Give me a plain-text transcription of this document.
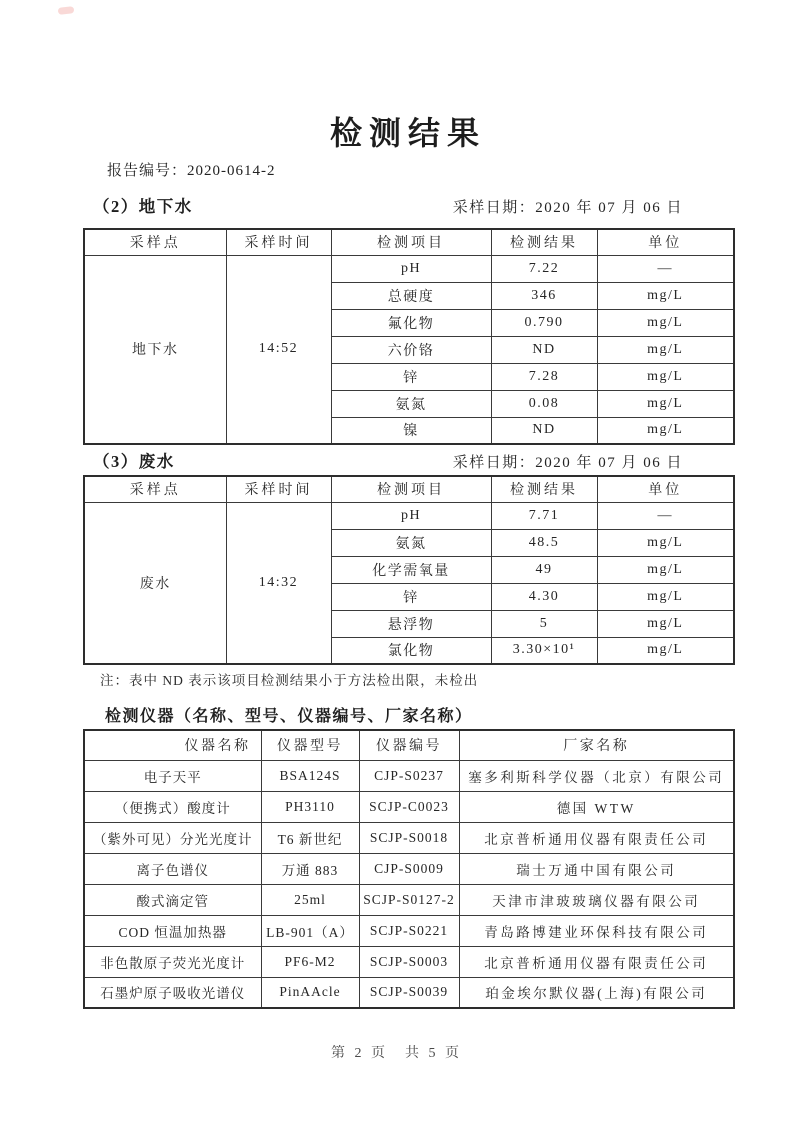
检测结果
报告编号：2020-0614-2
（2）地下水	采样日期：2020 年 07 月 06 日
采样点	采样时间	检测项目	检测结果	单位
地下水	14:52	pH	7.22	—
		总硬度	346	mg/L
		氟化物	0.790	mg/L
		六价铬	ND	mg/L
		锌	7.28	mg/L
		氨氮	0.08	mg/L
		镍	ND	mg/L
（3）废水	采样日期：2020 年 07 月 06 日
采样点	采样时间	检测项目	检测结果	单位
废水	14:32	pH	7.71	—
		氨氮	48.5	mg/L
		化学需氧量	49	mg/L
		锌	4.30	mg/L
		悬浮物	5	mg/L
		氯化物	3.30×10¹	mg/L
注：表中 ND 表示该项目检测结果小于方法检出限，未检出
检测仪器（名称、型号、仪器编号、厂家名称）
仪器名称	仪器型号	仪器编号	厂家名称
电子天平	BSA124S	CJP-S0237	塞多利斯科学仪器（北京）有限公司
（便携式）酸度计	PH3110	SCJP-C0023	德国 WTW
（紫外可见）分光光度计	T6 新世纪	SCJP-S0018	北京普析通用仪器有限责任公司
离子色谱仪	万通 883	CJP-S0009	瑞士万通中国有限公司
酸式滴定管	25ml	SCJP-S0127-2	天津市津玻玻璃仪器有限公司
COD 恒温加热器	LB-901（A）	SCJP-S0221	青岛路博建业环保科技有限公司
非色散原子荧光光度计	PF6-M2	SCJP-S0003	北京普析通用仪器有限责任公司
石墨炉原子吸收光谱仪	PinAAcle	SCJP-S0039	珀金埃尔默仪器(上海)有限公司
第 2 页　共 5 页
